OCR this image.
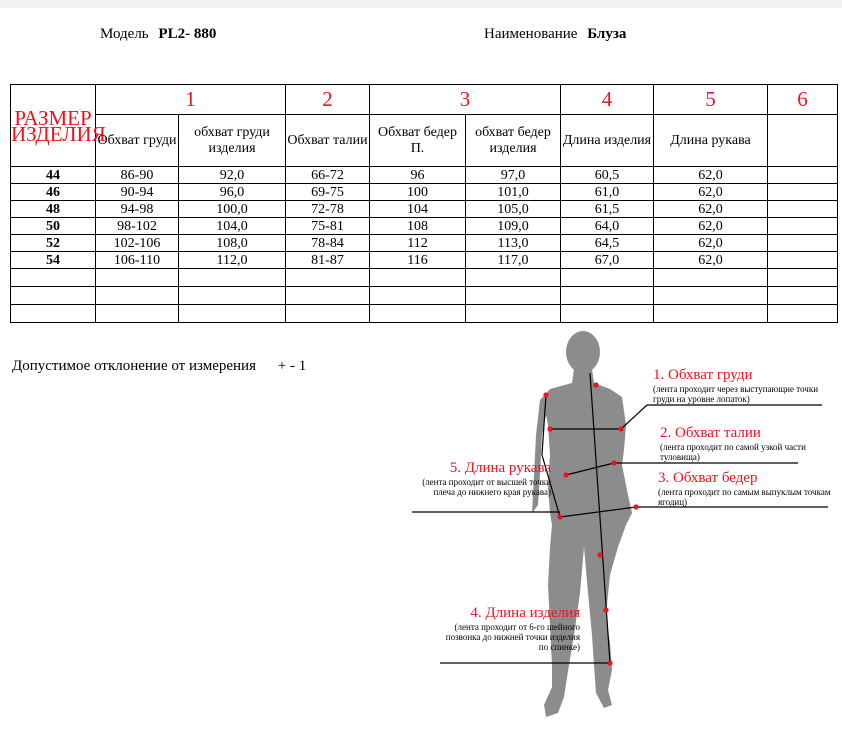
Модель PL2- 880	Наименование Блуза
РАЗМЕР ИЗДЕЛИЯ	1		2	3		4	5	6
	Обхват груди	обхват груди изделия	Обхват талии	Обхват бедер П.	обхват бедер изделия	Длина изделия	Длина рукава	
44	86-90	92,0	66-72	96	97,0	60,5	62,0	
46	90-94	96,0	69-75	100	101,0	61,0	62,0	
48	94-98	100,0	72-78	104	105,0	61,5	62,0	
50	98-102	104,0	75-81	108	109,0	64,0	62,0	
52	102-106	108,0	78-84	112	113,0	64,5	62,0	
54	106-110	112,0	81-87	116	117,0	67,0	62,0	

Допустимое отклонение от измерения + - 1
1. Обхват груди
(лента проходит через выступающие точки груди на уровне лопаток)
2. Обхват талии
(лента проходит по самой узкой части туловища)
3. Обхват бедер
(лента проходит по самым выпуклым точкам ягодиц)
5. Длина рукава
(лента проходит от высшей точки плеча до нижнего края рукава)
4. Длина изделия
(лента проходит от 6-го шейного позвонка до нижней точки изделия по спинке)
